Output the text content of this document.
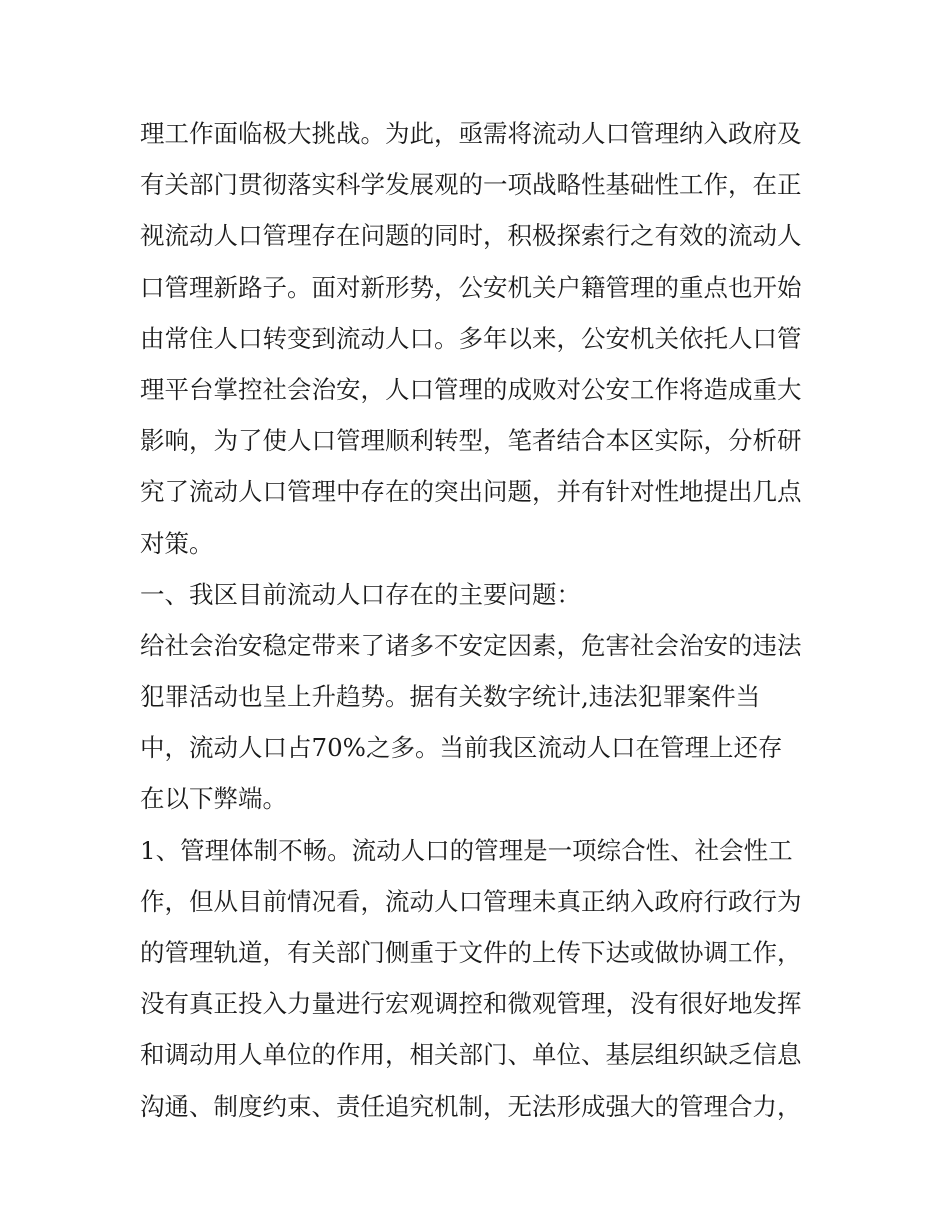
理工作面临极大挑战。为此，亟需将流动人口管理纳入政府及
有关部门贯彻落实科学发展观的一项战略性基础性工作，在正
视流动人口管理存在问题的同时，积极探索行之有效的流动人
口管理新路子。面对新形势，公安机关户籍管理的重点也开始
由常住人口转变到流动人口。多年以来，公安机关依托人口管
理平台掌控社会治安，人口管理的成败对公安工作将造成重大
影响，为了使人口管理顺利转型，笔者结合本区实际，分析研
究了流动人口管理中存在的突出问题，并有针对性地提出几点
对策。
一、我区目前流动人口存在的主要问题：
给社会治安稳定带来了诸多不安定因素，危害社会治安的违法
犯罪活动也呈上升趋势。据有关数字统计,违法犯罪案件当
中，流动人口占70%之多。当前我区流动人口在管理上还存
在以下弊端。
1、管理体制不畅。流动人口的管理是一项综合性、社会性工
作，但从目前情况看，流动人口管理未真正纳入政府行政行为
的管理轨道，有关部门侧重于文件的上传下达或做协调工作，
没有真正投入力量进行宏观调控和微观管理，没有很好地发挥
和调动用人单位的作用，相关部门、单位、基层组织缺乏信息
沟通、制度约束、责任追究机制，无法形成强大的管理合力，
